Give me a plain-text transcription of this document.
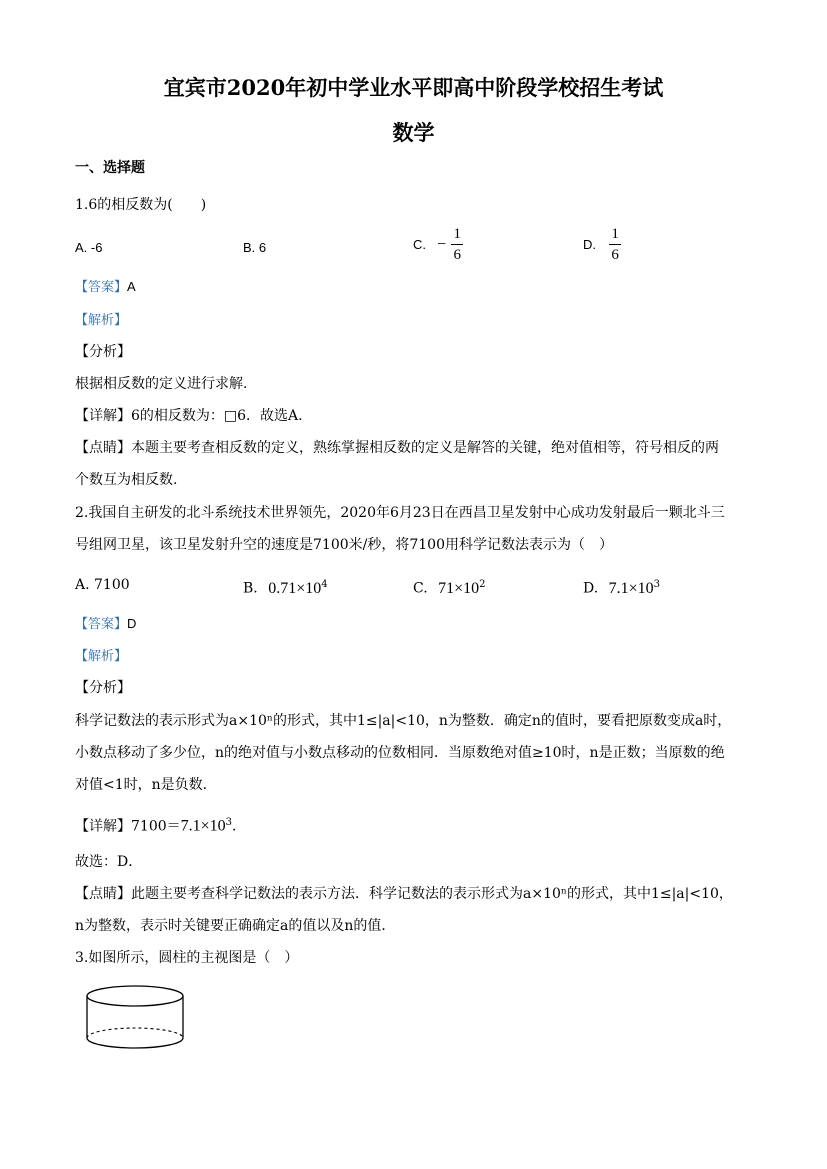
宜宾市2020年初中学业水平即高中阶段学校招生考试
数学
一、选择题
1.6的相反数为(　　)
A. -6	B. 6	C. − $\frac{1}{6}$	D. $\frac{1}{6}$
【答案】A
【解析】
【分析】
根据相反数的定义进行求解.
【详解】6的相反数为：□6．故选A.
【点睛】本题主要考查相反数的定义，熟练掌握相反数的定义是解答的关键，绝对值相等，符号相反的两
个数互为相反数.
2.我国自主研发的北斗系统技术世界领先，2020年6月23日在西昌卫星发射中心成功发射最后一颗北斗三
号组网卫星，该卫星发射升空的速度是7100米/秒，将7100用科学记数法表示为（　）
A. 7100	B. $0.71\times 10^4$	C. $71\times 10^2$	D. $7.1\times 10^3$
【答案】D
【解析】
【分析】
科学记数法的表示形式为a×10ⁿ的形式，其中1≤|a|<10，n为整数．确定n的值时，要看把原数变成a时，
小数点移动了多少位，n的绝对值与小数点移动的位数相同．当原数绝对值≥10时，n是正数；当原数的绝
对值<1时，n是负数．
【详解】$7100=7.1\times 10^3$．
故选：D．
【点睛】此题主要考查科学记数法的表示方法．科学记数法的表示形式为a×10ⁿ的形式，其中1≤|a|<10，
n为整数，表示时关键要正确确定a的值以及n的值．
3.如图所示，圆柱的主视图是（　）
